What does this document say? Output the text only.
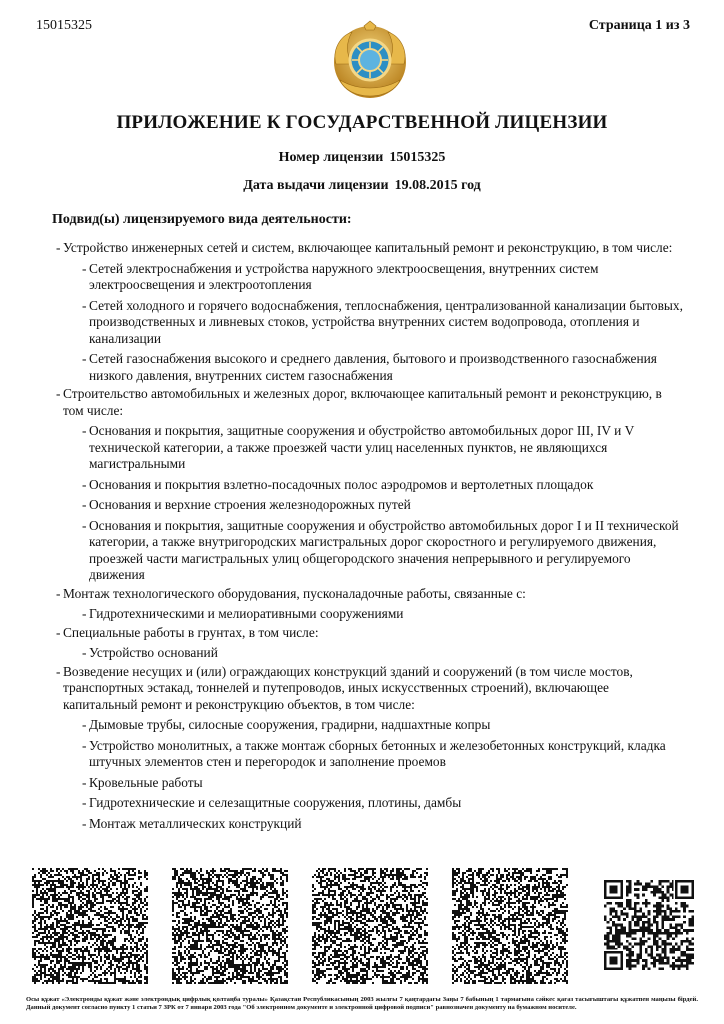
15015325	Страница 1 из 3
ПРИЛОЖЕНИЕ К ГОСУДАРСТВЕННОЙ ЛИЦЕНЗИИ
Номер лицензии 15015325
Дата выдачи лицензии 19.08.2015 год
Подвид(ы) лицензируемого вида деятельности:
- Устройство инженерных сетей и систем, включающее капитальный ремонт и реконструкцию, в том числе:
- Сетей электроснабжения и устройства наружного электроосвещения, внутренних систем электроосвещения и электроотопления
- Сетей холодного и горячего водоснабжения, теплоснабжения, централизованной канализации бытовых, производственных и ливневых стоков, устройства внутренних систем водопровода, отопления и канализации
- Сетей газоснабжения высокого и среднего давления, бытового и производственного газоснабжения низкого давления, внутренних систем газоснабжения
- Строительство автомобильных и железных дорог, включающее капитальный ремонт и реконструкцию, в том числе:
- Основания и покрытия, защитные сооружения и обустройство автомобильных дорог III, IV и V технической категории, а также проезжей части улиц населенных пунктов, не являющихся магистральными
- Основания и покрытия взлетно-посадочных полос аэродромов и вертолетных площадок
- Основания и верхние строения железнодорожных путей
- Основания и покрытия, защитные сооружения и обустройство автомобильных дорог I и II технической категории, а также внутригородских магистральных дорог скоростного и регулируемого движения, проезжей части магистральных улиц общегородского значения непрерывного и регулируемого движения
- Монтаж технологического оборудования, пусконаладочные работы, связанные с:
- Гидротехническими и мелиоративными сооружениями
- Специальные работы в грунтах, в том числе:
- Устройство оснований
- Возведение несущих и (или) ограждающих конструкций зданий и сооружений (в том числе мостов, транспортных эстакад, тоннелей и путепроводов, иных искусственных строений), включающее капитальный ремонт и реконструкцию объектов, в том числе:
- Дымовые трубы, силосные сооружения, градирни, надшахтные копры
- Устройство монолитных, а также монтаж сборных бетонных и железобетонных конструкций, кладка штучных элементов стен и перегородок и заполнение проемов
- Кровельные работы
- Гидротехнические и селезащитные сооружения, плотины, дамбы
- Монтаж металлических конструкций
Осы құжат «Электронды құжат және электрондық цифрлық қолтаңба туралы» Қазақстан Республикасының 2003 жылғы 7 қаңтардағы Заңы 7 бабының 1 тармағына сәйкес қағаз тасығыштағы құжатпен маңызы бірдей. Данный документ согласно пункту 1 статьи 7 ЗРК от 7 января 2003 года "Об электронном документе и электронной цифровой подписи" равнозначен документу на бумажном носителе.
